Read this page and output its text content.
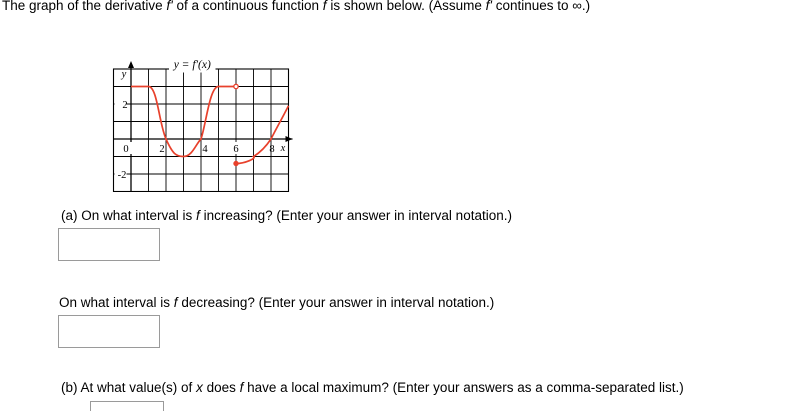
The graph of the derivative f' of a continuous function f is shown below. (Assume f' continues to ∞.)
y = f′(x)
0	2	4 6	8
2
-2
y
x
(a) On what interval is f increasing? (Enter your answer in interval notation.)
On what interval is f decreasing? (Enter your answer in interval notation.)
(b) At what value(s) of x does f have a local maximum? (Enter your answers as a comma-separated list.)
